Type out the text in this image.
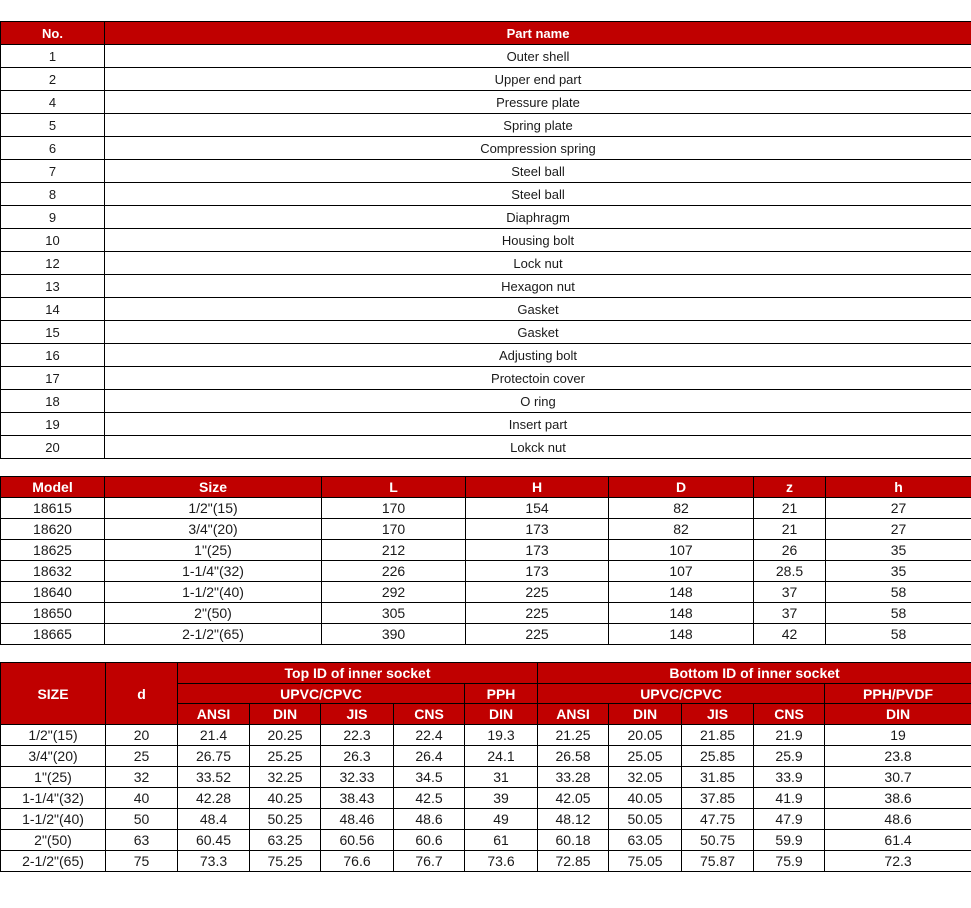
No.	Part name
1	Outer shell
2	Upper end part
4	Pressure plate
5	Spring plate
6	Compression spring
7	Steel ball
8	Steel ball
9	Diaphragm
10	Housing bolt
12	Lock nut
13	Hexagon nut
14	Gasket
15	Gasket
16	Adjusting bolt
17	Protectoin cover
18	O ring
19	Insert part
20	Lokck nut
Model	Size	L	H	D	z	h
18615	1/2"(15)	170	154	82	21	27
18620	3/4"(20)	170	173	82	21	27
18625	1"(25)	212	173	107	26	35
18632	1-1/4"(32)	226	173	107	28.5	35
18640	1-1/2"(40)	292	225	148	37	58
18650	2"(50)	305	225	148	37	58
18665	2-1/2"(65)	390	225	148	42	58
SIZE	d	Top ID of inner socket					Bottom ID of inner socket				
		UPVC/CPVC				PPH	UPVC/CPVC				PPH/PVDF
		ANSI	DIN	JIS	CNS	DIN	ANSI	DIN	JIS	CNS	DIN
1/2"(15)	20	21.4	20.25	22.3	22.4	19.3	21.25	20.05	21.85	21.9	19
3/4"(20)	25	26.75	25.25	26.3	26.4	24.1	26.58	25.05	25.85	25.9	23.8
1"(25)	32	33.52	32.25	32.33	34.5	31	33.28	32.05	31.85	33.9	30.7
1-1/4"(32)	40	42.28	40.25	38.43	42.5	39	42.05	40.05	37.85	41.9	38.6
1-1/2"(40)	50	48.4	50.25	48.46	48.6	49	48.12	50.05	47.75	47.9	48.6
2"(50)	63	60.45	63.25	60.56	60.6	61	60.18	63.05	50.75	59.9	61.4
2-1/2"(65)	75	73.3	75.25	76.6	76.7	73.6	72.85	75.05	75.87	75.9	72.3
